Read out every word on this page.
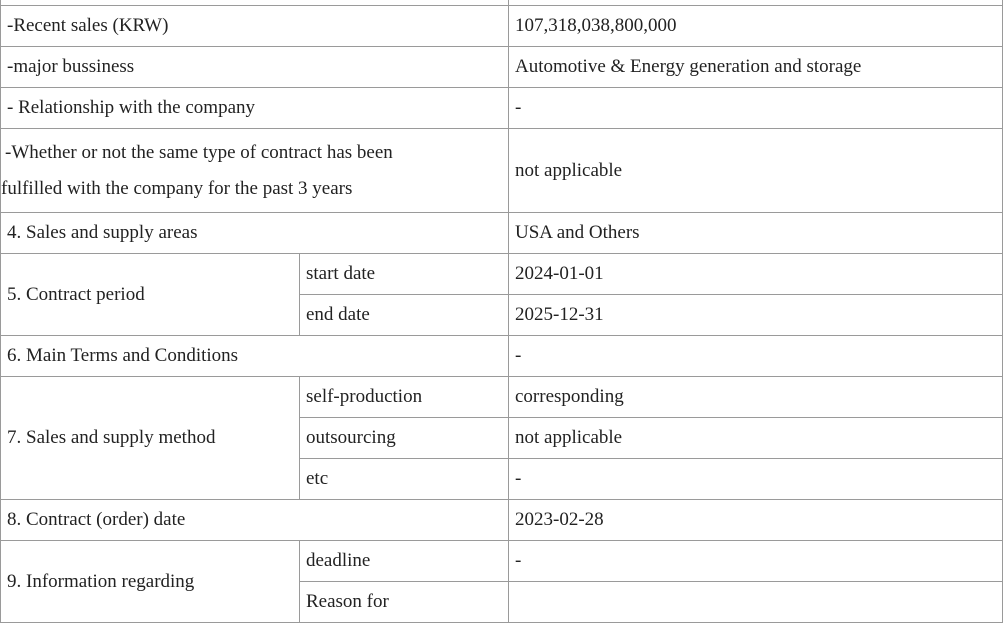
-Recent sales (KRW)		107,318,038,800,000
-major bussiness		Automotive & Energy generation and storage
- Relationship with the company		-

-Whether or not the same type of contract has been
fulfilled with the company for the past 3 years		not applicable
4. Sales and supply areas		USA and Others
5. Contract period	start date	2024-01-01
	end date	2025-12-31
6. Main Terms and Conditions		-
7. Sales and supply method	self-production	corresponding
	outsourcing	not applicable
	etc	-
8. Contract (order) date		2023-02-28
9. Information regarding	deadline	-
	Reason for	
